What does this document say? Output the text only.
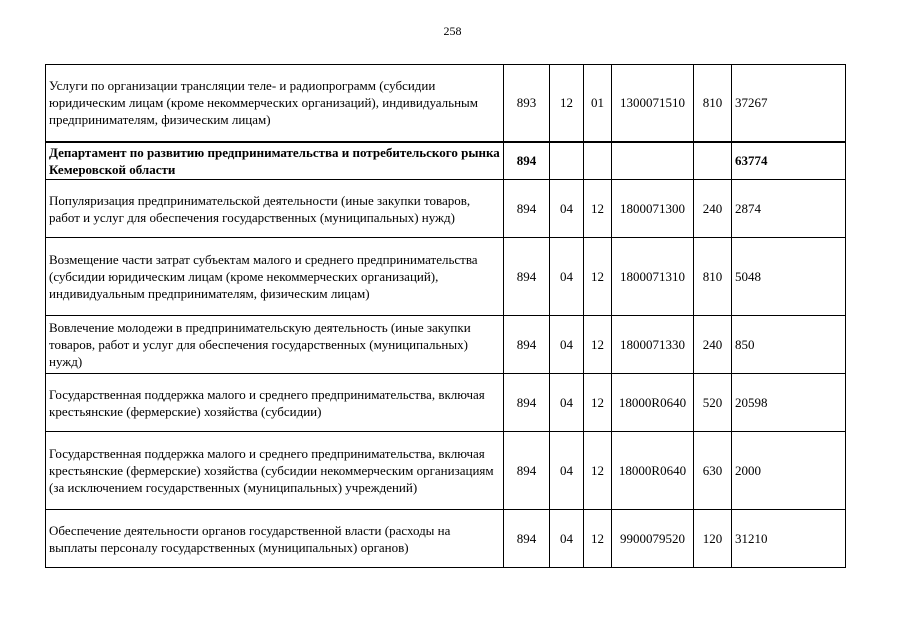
258
Услуги по организации трансляции теле- и радиопрограмм (субсидии юридическим лицам (кроме некоммерческих организаций), индивидуальным предпринимателям, физическим лицам)	893	12	01	1300071510	810	37267
Департамент по развитию предпринимательства и потребительского рынка Кемеровской области	894					63774
Популяризация предпринимательской деятельности (иные закупки товаров, работ и услуг для обеспечения государственных (муниципальных) нужд)	894	04	12	1800071300	240	2874
Возмещение части затрат субъектам малого и среднего предпринимательства (субсидии юридическим лицам (кроме некоммерческих организаций), индивидуальным предпринимателям, физическим лицам)	894	04	12	1800071310	810	5048
Вовлечение молодежи в предпринимательскую деятельность (иные закупки товаров, работ и услуг для обеспечения государственных (муниципальных) нужд)	894	04	12	1800071330	240	850
Государственная поддержка малого и среднего предпринимательства, включая крестьянские (фермерские) хозяйства (субсидии)	894	04	12	18000R0640	520	20598
Государственная поддержка малого и среднего предпринимательства, включая крестьянские (фермерские) хозяйства (субсидии некоммерческим организациям (за исключением государственных (муниципальных) учреждений)	894	04	12	18000R0640	630	2000
Обеспечение деятельности органов государственной власти (расходы на выплаты персоналу государственных (муниципальных) органов)	894	04	12	9900079520	120	31210
